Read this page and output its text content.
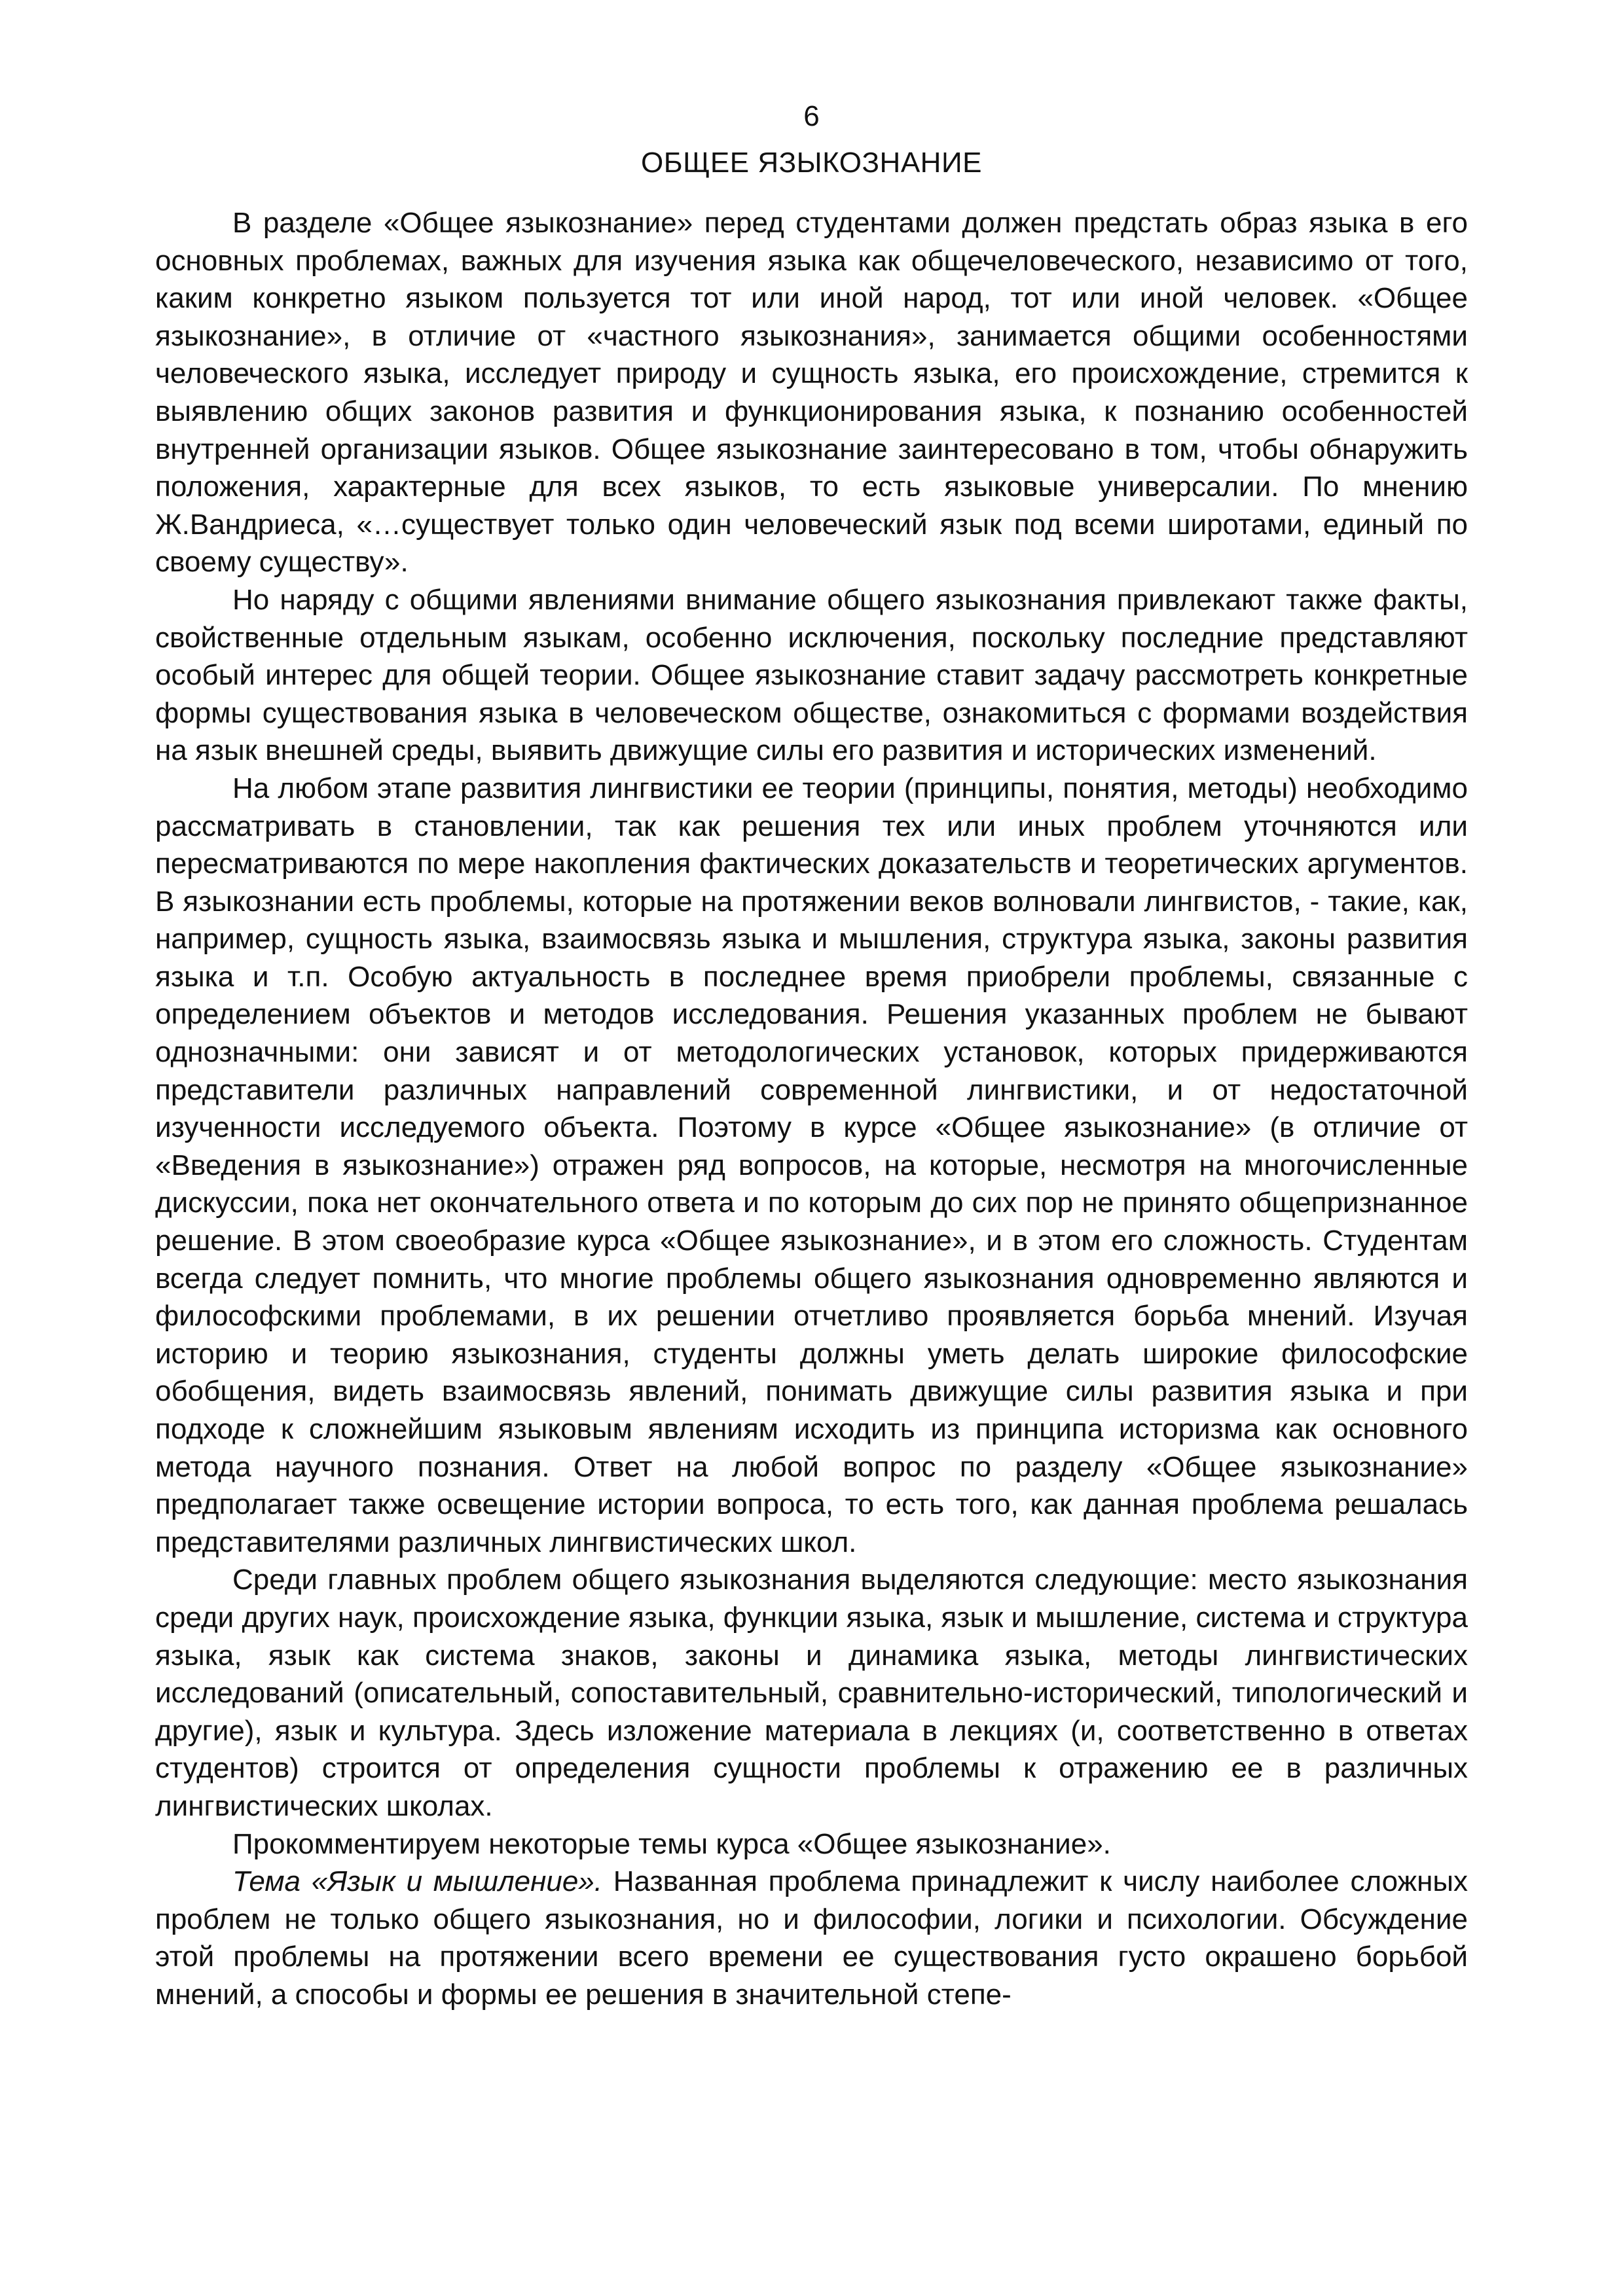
6
ОБЩЕЕ ЯЗЫКОЗНАНИЕ

В разделе «Общее языкознание» перед студентами должен предстать образ языка в его основных проблемах, важных для изучения языка как общечеловеческого, независимо от того, каким конкретно языком пользуется тот или иной народ, тот или иной человек. «Общее языкознание», в отличие от «частного языкознания», занимается общими особенностями человеческого языка, исследует природу и сущность языка, его происхождение, стремится к выявлению общих законов развития и функционирования языка, к познанию особенностей внутренней организации языков. Общее языкознание заинтересовано в том, чтобы обнаружить положения, характерные для всех языков, то есть языковые универсалии. По мнению Ж.Вандриеса, «…существует только один человеческий язык под всеми широтами, единый по своему существу».

Но наряду с общими явлениями внимание общего языкознания привлекают также факты, свойственные отдельным языкам, особенно исключения, поскольку последние представляют особый интерес для общей теории. Общее языкознание ставит задачу рассмотреть конкретные формы существования языка в человеческом обществе, ознакомиться с формами воздействия на язык внешней среды, выявить движущие силы его развития и исторических изменений.

На любом этапе развития лингвистики ее теории (принципы, понятия, методы) необходимо рассматривать в становлении, так как решения тех или иных проблем уточняются или пересматриваются по мере накопления фактических доказательств и теоретических аргументов. В языкознании есть проблемы, которые на протяжении веков волновали лингвистов, - такие, как, например, сущность языка, взаимосвязь языка и мышления, структура языка, законы развития языка и т.п. Особую актуальность в последнее время приобрели проблемы, связанные с определением объектов и методов исследования. Решения указанных проблем не бывают однозначными: они зависят и от методологических установок, которых придерживаются представители различных направлений современной лингвистики, и от недостаточной изученности исследуемого объекта. Поэтому в курсе «Общее языкознание» (в отличие от «Введения в языкознание») отражен ряд вопросов, на которые, несмотря на многочисленные дискуссии, пока нет окончательного ответа и по которым до сих пор не принято общепризнанное решение. В этом своеобразие курса «Общее языкознание», и в этом его сложность. Студентам всегда следует помнить, что многие проблемы общего языкознания одновременно являются и философскими проблемами, в их решении отчетливо проявляется борьба мнений. Изучая историю и теорию языкознания, студенты должны уметь делать широкие философские обобщения, видеть взаимосвязь явлений, понимать движущие силы развития языка и при подходе к сложнейшим языковым явлениям исходить из принципа историзма как основного метода научного познания. Ответ на любой вопрос по разделу «Общее языкознание» предполагает также освещение истории вопроса, то есть того, как данная проблема решалась представителями различных лингвистических школ.

Среди главных проблем общего языкознания выделяются следующие: место языкознания среди других наук, происхождение языка, функции языка, язык и мышление, система и структура языка, язык как система знаков, законы и динамика языка, методы лингвистических исследований (описательный, сопоставительный, сравнительно-исторический, типологический и другие), язык и культура. Здесь изложение материала в лекциях (и, соответственно в ответах студентов) строится от определения сущности проблемы к отражению ее в различных лингвистических школах.

Прокомментируем некоторые темы курса «Общее языкознание».

Тема «Язык и мышление». Названная проблема принадлежит к числу наиболее сложных проблем не только общего языкознания, но и философии, логики и психологии. Обсуждение этой проблемы на протяжении всего времени ее существования густо окрашено борьбой мнений, а способы и формы ее решения в значительной степе-
